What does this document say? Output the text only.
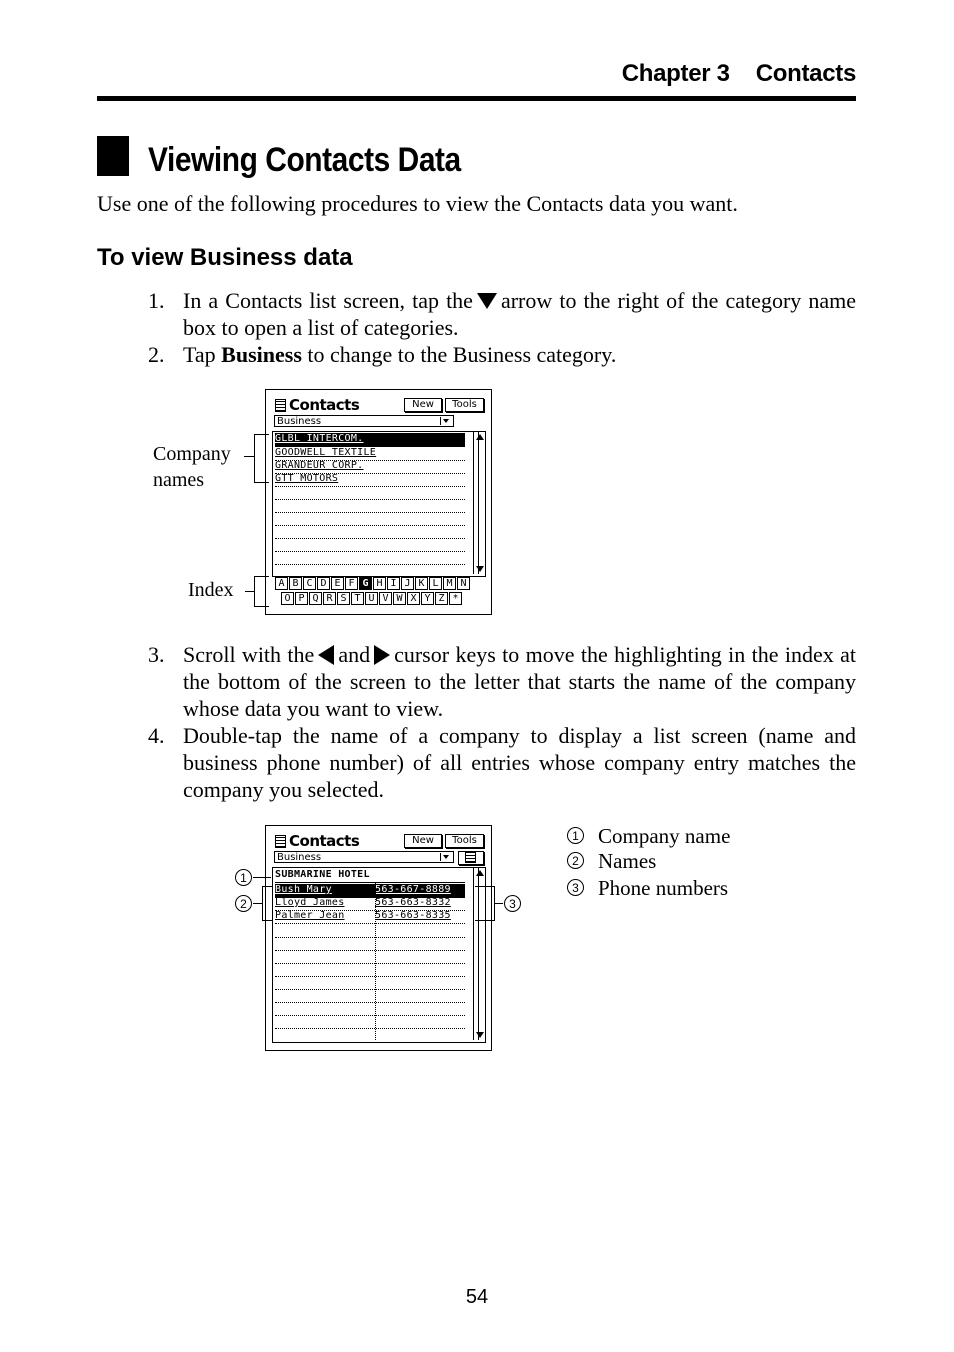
Chapter 3 Contacts
Viewing Contacts Data
Use one of the following procedures to view the Contacts data you want.
To view Business data
1. In a Contacts list screen, tap the arrow to the right of the category name box to open a list of categories.
2. Tap Business to change to the Business category.
Contacts	New	Tools
Business
GLBL INTERCOM.
GOODWELL TEXTILE
GRANDEUR CORP.
GTT MOTORS
A B C D E F G H I J K L M N
O P Q R S T U V W X Y Z *
Company
names
Index
3. Scroll with the and cursor keys to move the highlighting in the index at the bottom of the screen to the letter that starts the name of the company whose data you want to view.
4. Double-tap the name of a company to display a list screen (name and business phone number) of all entries whose company entry matches the company you selected.
Contacts	New	Tools
Business
SUBMARINE HOTEL
Bush Mary	563-667-8889
Lloyd James	563-663-8332
Palmer Jean	563-663-8335
1
2	3
1 Company name
2 Names
3 Phone numbers
54
